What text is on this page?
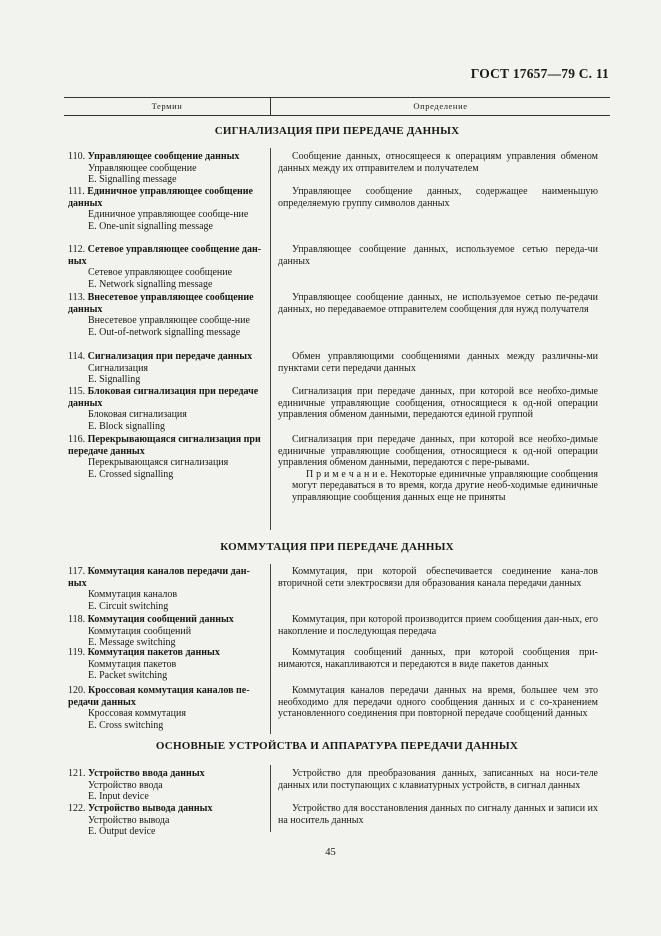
ГОСТ 17657—79 С. 11
Термин	Определение
СИГНАЛИЗАЦИЯ ПРИ ПЕРЕДАЧЕ ДАННЫХ
110. Управляющее сообщение данных
Управляющее сообщение
E. Signalling message

Сообщение данных, относящееся к операциям управления обменом данных между их отправителем и получателем

111. Единичное управляющее сообщение данных
Единичное управляющее сообще-ние
E. One-unit signalling message

Управляющее сообщение данных, содержащее наименьшую определяемую группу символов данных

112. Сетевое управляющее сообщение дан-ных
Сетевое управляющее сообщение
E. Network signalling message

Управляющее сообщение данных, используемое сетью переда-чи данных

113. Внесетевое управляющее сообщение данных
Внесетевое управляющее сообще-ние
E. Out-of-network signalling message

Управляющее сообщение данных, не используемое сетью пе-редачи данных, но передаваемое отправителем сообщения для нужд получателя

114. Сигнализация при передаче данных
Сигнализация
E. Signalling

Обмен управляющими сообщениями данных между различны-ми пунктами сети передачи данных

115. Блоковая сигнализация при передаче данных
Блоковая сигнализация
E. Block signalling

Сигнализация при передаче данных, при которой все необхо-димые единичные управляющие сообщения, относящиеся к од-ной операции управления обменом данными, передаются единой группой

116. Перекрывающаяся сигнализация при передаче данных
Перекрывающаяся сигнализация
E. Crossed signalling

Сигнализация при передаче данных, при которой все необхо-димые единичные управляющие сообщения, относящиеся к од-ной операции управления обменом данными, передаются с пере-рывами.

П р и м е ч а н и е. Некоторые единичные управляющие сообщения могут передаваться в то время, когда другие необ-ходимые единичные управляющие сообщения данных еще не приняты

КОММУТАЦИЯ ПРИ ПЕРЕДАЧЕ ДАННЫХ
117. Коммутация каналов передачи дан-ных
Коммутация каналов
E. Circuit switching

Коммутация, при которой обеспечивается соединение кана-лов вторичной сети электросвязи для образования канала передачи данных

118. Коммутация сообщений данных
Коммутация сообщений
E. Message switching

Коммутация, при которой производится прием сообщения дан-ных, его накопление и последующая передача

119. Коммутация пакетов данных
Коммутация пакетов
E. Packet switching

Коммутация сообщений данных, при которой сообщения при-нимаются, накапливаются и передаются в виде пакетов данных

120. Кроссовая коммутация каналов пе-редачи данных
Кроссовая коммутация
E. Cross switching

Коммутация каналов передачи данных на время, большее чем это необходимо для передачи одного сообщения данных и с со-хранением установленного соединения при повторной передаче сообщений данных

ОСНОВНЫЕ УСТРОЙСТВА И АППАРАТУРА ПЕРЕДАЧИ ДАННЫХ
121. Устройство ввода данных
Устройство ввода
E. Input device

Устройство для преобразования данных, записанных на носи-теле данных или поступающих с клавиатурных устройств, в сигнал данных

122. Устройство вывода данных
Устройство вывода
E. Output device

Устройство для восстановления данных по сигналу данных и записи их на носитель данных

45
